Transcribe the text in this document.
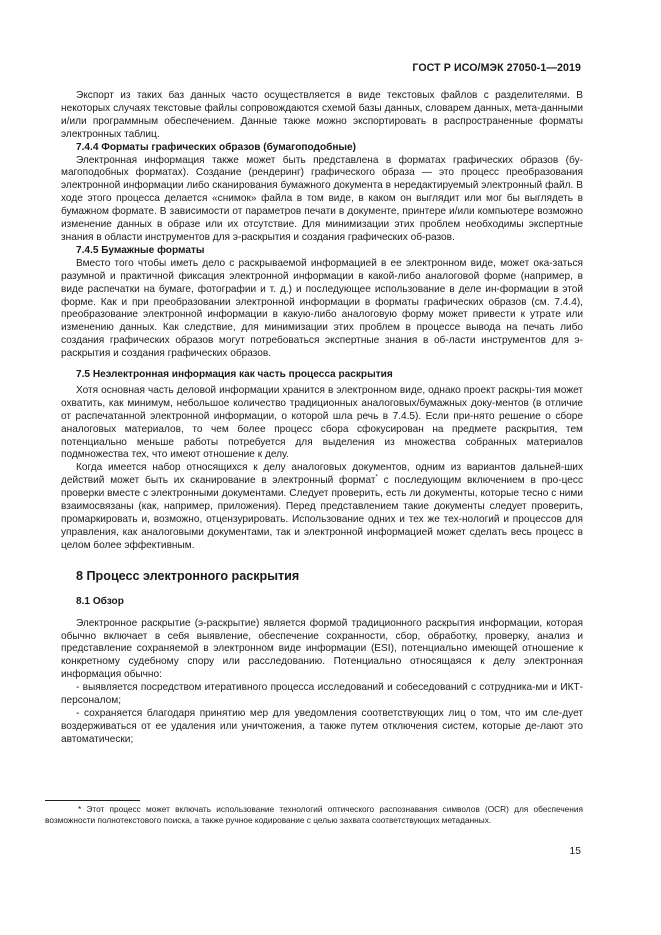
ГОСТ Р ИСО/МЭК 27050-1—2019

Экспорт из таких баз данных часто осуществляется в виде текстовых файлов с разделителями. В некоторых случаях текстовые файлы сопровождаются схемой базы данных, словарем данных, мета-данными и/или программным обеспечением. Данные также можно экспортировать в распространенные форматы электронных таблиц.

7.4.4 Форматы графических образов (бумагоподобные)

Электронная информация также может быть представлена в форматах графических образов (бу-магоподобных форматах). Создание (рендеринг) графического образа — это процесс преобразования электронной информации либо сканирования бумажного документа в нередактируемый электронный файл. В ходе этого процесса делается «снимок» файла в том виде, в каком он выглядит или мог бы выглядеть в бумажном формате. В зависимости от параметров печати в документе, принтере и/или компьютере возможно изменение данных в образе или их отсутствие. Для минимизации этих проблем необходимы экспертные знания в области инструментов для э-раскрытия и создания графических об-разов.

7.4.5 Бумажные форматы

Вместо того чтобы иметь дело с раскрываемой информацией в ее электронном виде, может ока-заться разумной и практичной фиксация электронной информации в какой-либо аналоговой форме (например, в виде распечатки на бумаге, фотографии и т. д.) и последующее использование в деле ин-формации в этой форме. Как и при преобразовании электронной информации в форматы графических образов (см. 7.4.4), преобразование электронной информации в какую-либо аналоговую форму может привести к утрате или изменению данных. Как следствие, для минимизации этих проблем в процессе вывода на печать либо создания графических образов могут потребоваться экспертные знания в об-ласти инструментов для э-раскрытия и создания графических образов.

7.5 Неэлектронная информация как часть процесса раскрытия

Хотя основная часть деловой информации хранится в электронном виде, однако проект раскры-тия может охватить, как минимум, небольшое количество традиционных аналоговых/бумажных доку-ментов (в отличие от распечатанной электронной информации, о которой шла речь в 7.4.5). Если при-нято решение о сборе аналоговых материалов, то чем более процесс сбора сфокусирован на предмете раскрытия, тем потенциально меньше работы потребуется для выделения из множества собранных материалов подмножества тех, что имеют отношение к делу.

Когда имеется набор относящихся к делу аналоговых документов, одним из вариантов дальней-ших действий может быть их сканирование в электронный формат* с последующим включением в про-цесс проверки вместе с электронными документами. Следует проверить, есть ли документы, которые тесно с ними взаимосвязаны (как, например, приложения). Перед представлением такие документы следует проверить, промаркировать и, возможно, отцензурировать. Использование одних и тех же тех-нологий и процессов для управления, как аналоговыми документами, так и электронной информацией может сделать весь процесс в целом более эффективным.

8 Процесс электронного раскрытия
8.1 Обзор

Электронное раскрытие (э-раскрытие) является формой традиционного раскрытия информации, которая обычно включает в себя выявление, обеспечение сохранности, сбор, обработку, проверку, анализ и представление сохраняемой в электронном виде информации (ESI), потенциально имеющей отношение к конкретному судебному спору или расследованию. Потенциально относящаяся к делу электронная информация обычно:

- выявляется посредством итеративного процесса исследований и собеседований с сотрудника-ми и ИКТ-персоналом;

- сохраняется благодаря принятию мер для уведомления соответствующих лиц о том, что им сле-дует воздерживаться от ее удаления или уничтожения, а также путем отключения систем, которые де-лают это автоматически;

* Этот процесс может включать использование технологий оптического распознавания символов (OCR) для обеспечения возможности полнотекстового поиска, а также ручное кодирование с целью захвата соответствующих метаданных.

15
